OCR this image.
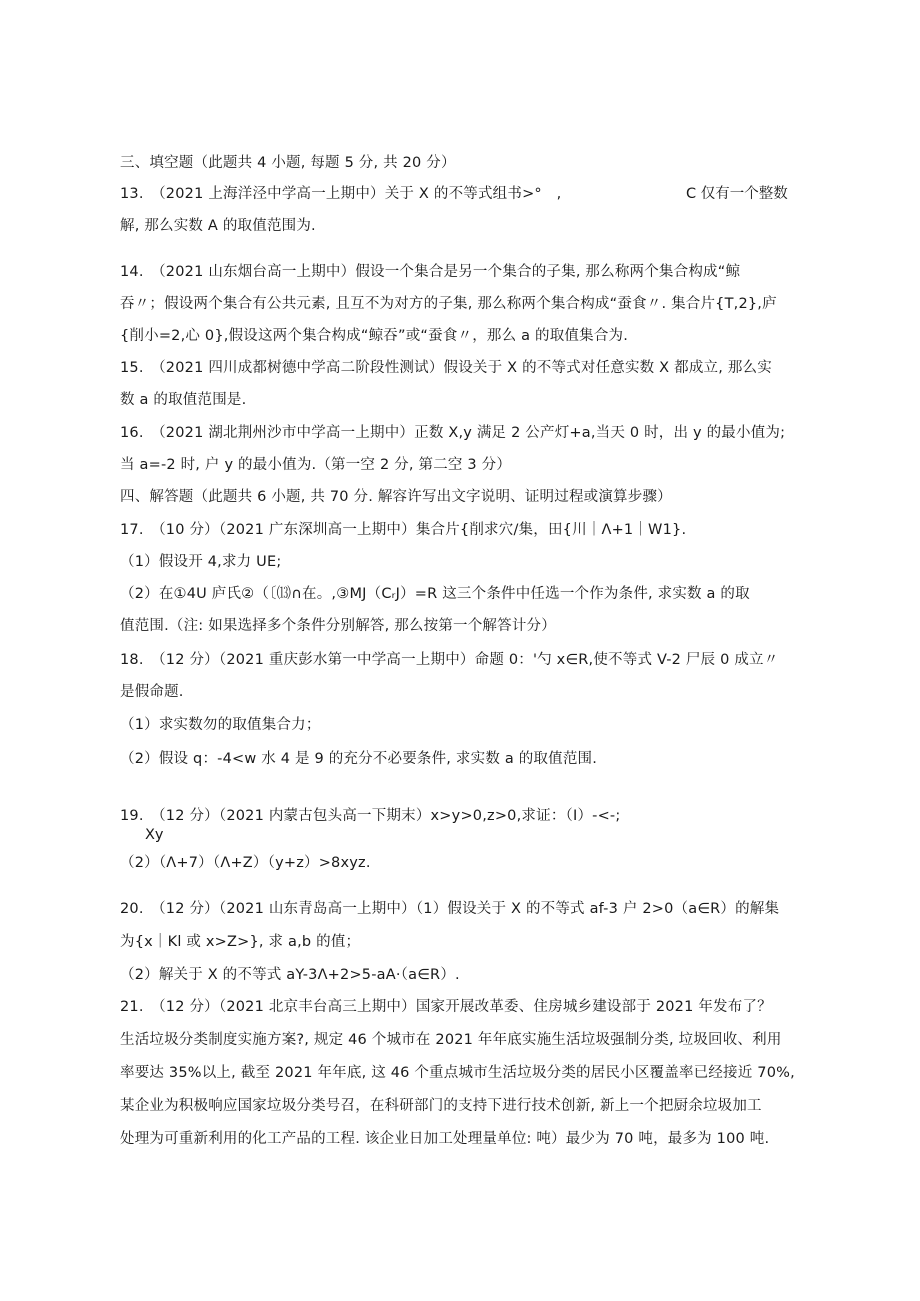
三、填空题（此题共 4 小题, 每题 5 分, 共 20 分）
13.　（2021 上海洋泾中学高一上期中）关于 X 的不等式组书>°　,	C 仅有一个整数
解, 那么实数 A 的取值范围为.
14.　（2021 山东烟台高一上期中）假设一个集合是另一个集合的子集, 那么称两个集合构成“鲸
吞〃；假设两个集合有公共元素, 且互不为对方的子集, 那么称两个集合构成“蚕食〃. 集合片{T,2},庐
{削小=2,心 0},假设这两个集合构成“鲸吞”或“蚕食〃，那么 a 的取值集合为.
15.　（2021 四川成都树德中学高二阶段性测试）假设关于 X 的不等式对任意实数 X 都成立, 那么实
数 a 的取值范围是.
16.　（2021 湖北荆州沙市中学高一上期中）正数 X,y 满足 2 公产灯+a,当天 0 时，出 y 的最小值为;
当 a=-2 时, 户 y 的最小值为.（第一空 2 分, 第二空 3 分）
四、解答题（此题共 6 小题, 共 70 分. 解容许写出文字说明、证明过程或演算步骤）
17.　（10 分）（2021 广东深圳高一上期中）集合片{削求穴/集，田{川｜Λ+1｜W1}.
（1）假设开 4,求力 UE;
（2）在①4U 庐氏②（〔⒀∩在。,③MJ（CᵣJ）=R 这三个条件中任选一个作为条件, 求实数 a 的取
值范围.（注: 如果选择多个条件分别解答, 那么按第一个解答计分）
18.　（12 分）（2021 重庆彭水第一中学高一上期中）命题 0：'勺 x∈R,使不等式 V-2 尸辰 0 成立〃
是假命题.
（1）求实数勿的取值集合力；
（2）假设 q：-4<w 水 4 是 9 的充分不必要条件, 求实数 a 的取值范围.
19.　（12 分）（2021 内蒙古包头高一下期末）x>y>0,z>0,求证：（I）-<-;
Xy
（2）（Λ+7）（Λ+Z）（y+z）>8xyz.
20.　（12 分）（2021 山东青岛高一上期中）（1）假设关于 X 的不等式 af-3 户 2>0（a∈R）的解集
为{x｜Kl 或 x>Z>}, 求 a,b 的值；
（2）解关于 X 的不等式 aY-3Λ+2>5-aA·（a∈R）.
21.　（12 分）（2021 北京丰台高三上期中）国家开展改革委、住房城乡建设部于 2021 年发布了？
生活垃圾分类制度实施方案?, 规定 46 个城市在 2021 年年底实施生活垃圾强制分类, 垃圾回收、利用
率要达 35%以上, 截至 2021 年年底, 这 46 个重点城市生活垃圾分类的居民小区覆盖率已经接近 70%,
某企业为积极响应国家垃圾分类号召，在科研部门的支持下进行技术创新, 新上一个把厨余垃圾加工
处理为可重新利用的化工产品的工程. 该企业日加工处理量单位: 吨）最少为 70 吨，最多为 100 吨.
